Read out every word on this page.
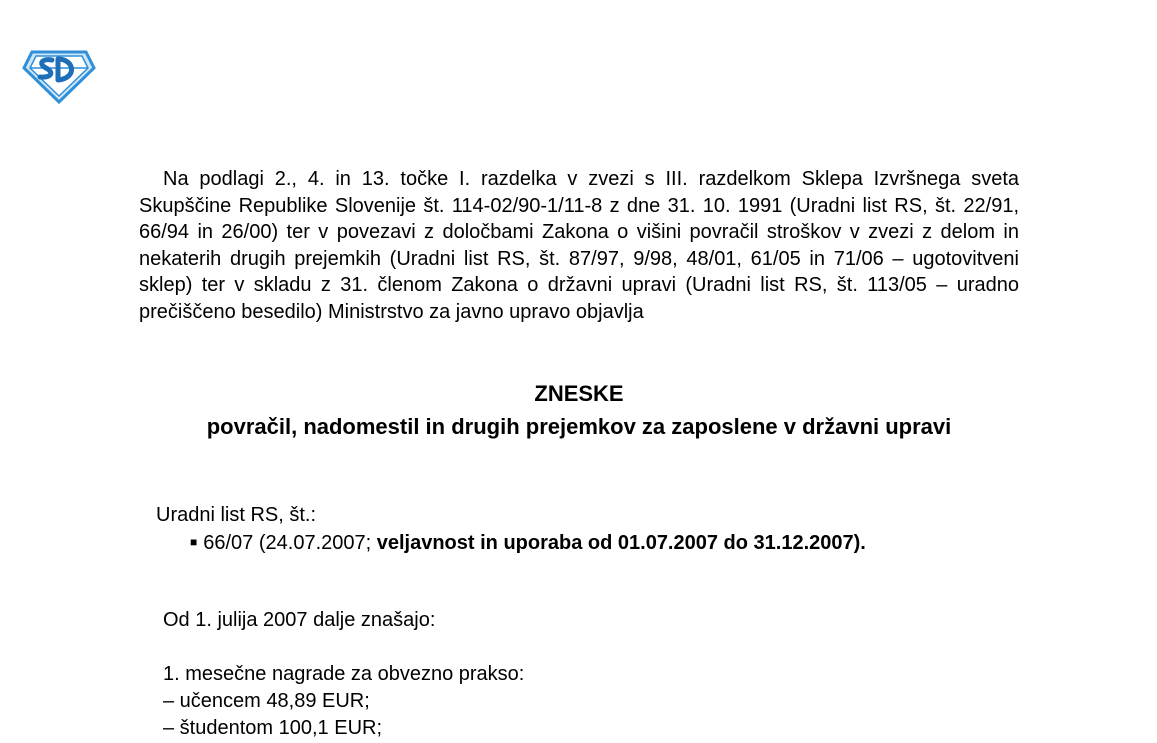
Na podlagi 2., 4. in 13. točke I. razdelka v zvezi s III. razdelkom Sklepa Izvršnega sveta Skupščine Republike Slovenije št. 114-02/90-1/11-8 z dne 31. 10. 1991 (Uradni list RS, št. 22/91, 66/94 in 26/00) ter v povezavi z določbami Zakona o višini povračil stroškov v zvezi z delom in nekaterih drugih prejemkih (Uradni list RS, št. 87/97, 9/98, 48/01, 61/05 in 71/06 – ugotovitveni sklep) ter v skladu z 31. členom Zakona o državni upravi (Uradni list RS, št. 113/05 – uradno prečiščeno besedilo) Ministrstvo za javno upravo objavlja

ZNESKE

povračil, nadomestil in drugih prejemkov za zaposlene v državni upravi

Uradni list RS, št.:

■ 66/07 (24.07.2007; veljavnost in uporaba od 01.07.2007 do 31.12.2007).

Od 1. julija 2007 dalje znašajo:

1. mesečne nagrade za obvezno prakso:

– učencem 48,89 EUR;

– študentom 100,1 EUR;
